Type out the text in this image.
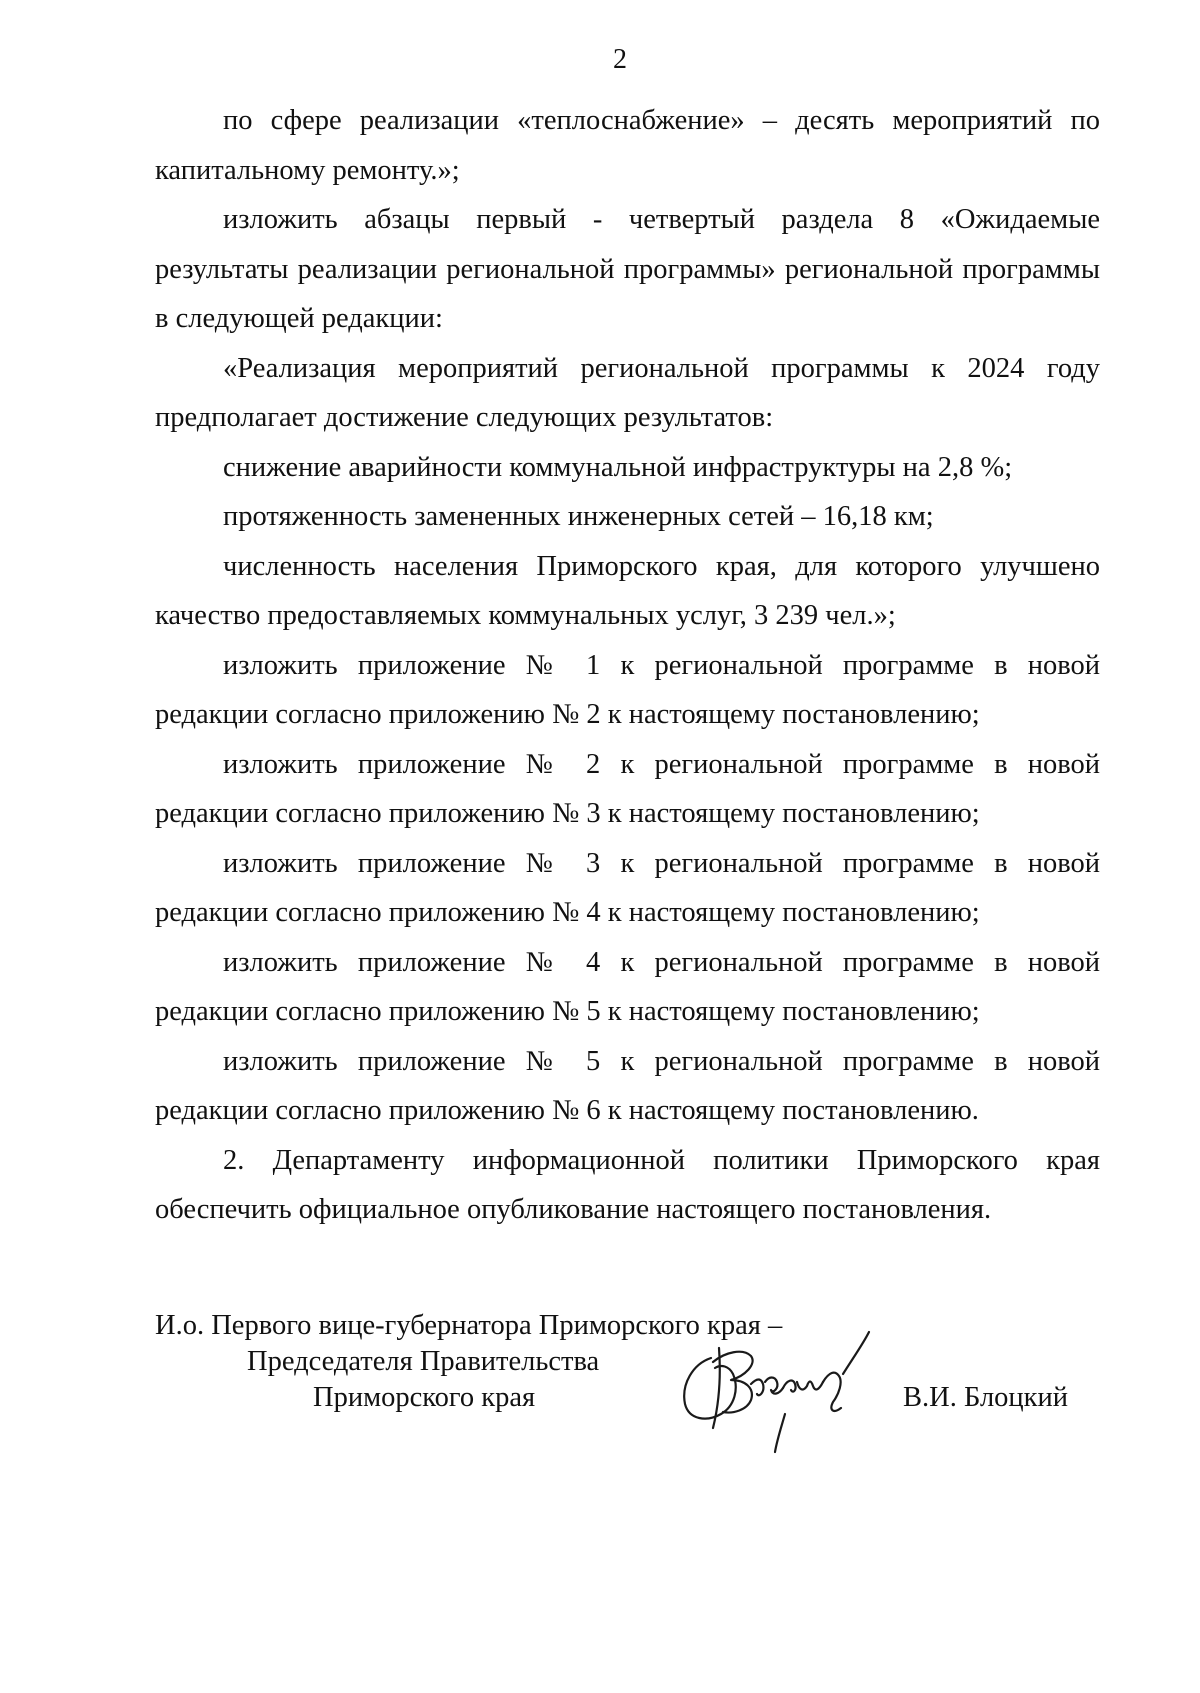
2

по сфере реализации «теплоснабжение» – десять мероприятий по капитальному ремонту.»;

изложить абзацы первый - четвертый раздела 8 «Ожидаемые результаты реализации региональной программы» региональной программы в следующей редакции:

«Реализация мероприятий региональной программы к 2024 году предполагает достижение следующих результатов:

снижение аварийности коммунальной инфраструктуры на 2,8 %;

протяженность замененных инженерных сетей – 16,18 км;

численность населения Приморского края, для которого улучшено качество предоставляемых коммунальных услуг, 3 239 чел.»;

изложить приложение № 1 к региональной программе в новой редакции согласно приложению № 2 к настоящему постановлению;

изложить приложение № 2 к региональной программе в новой редакции согласно приложению № 3 к настоящему постановлению;

изложить приложение № 3 к региональной программе в новой редакции согласно приложению № 4 к настоящему постановлению;

изложить приложение № 4 к региональной программе в новой редакции согласно приложению № 5 к настоящему постановлению;

изложить приложение № 5 к региональной программе в новой редакции согласно приложению № 6 к настоящему постановлению.

2. Департаменту информационной политики Приморского края обеспечить официальное опубликование настоящего постановления.

И.о. Первого вице-губернатора Приморского края –
Председателя Правительства
Приморского края	В.И. Блоцкий
